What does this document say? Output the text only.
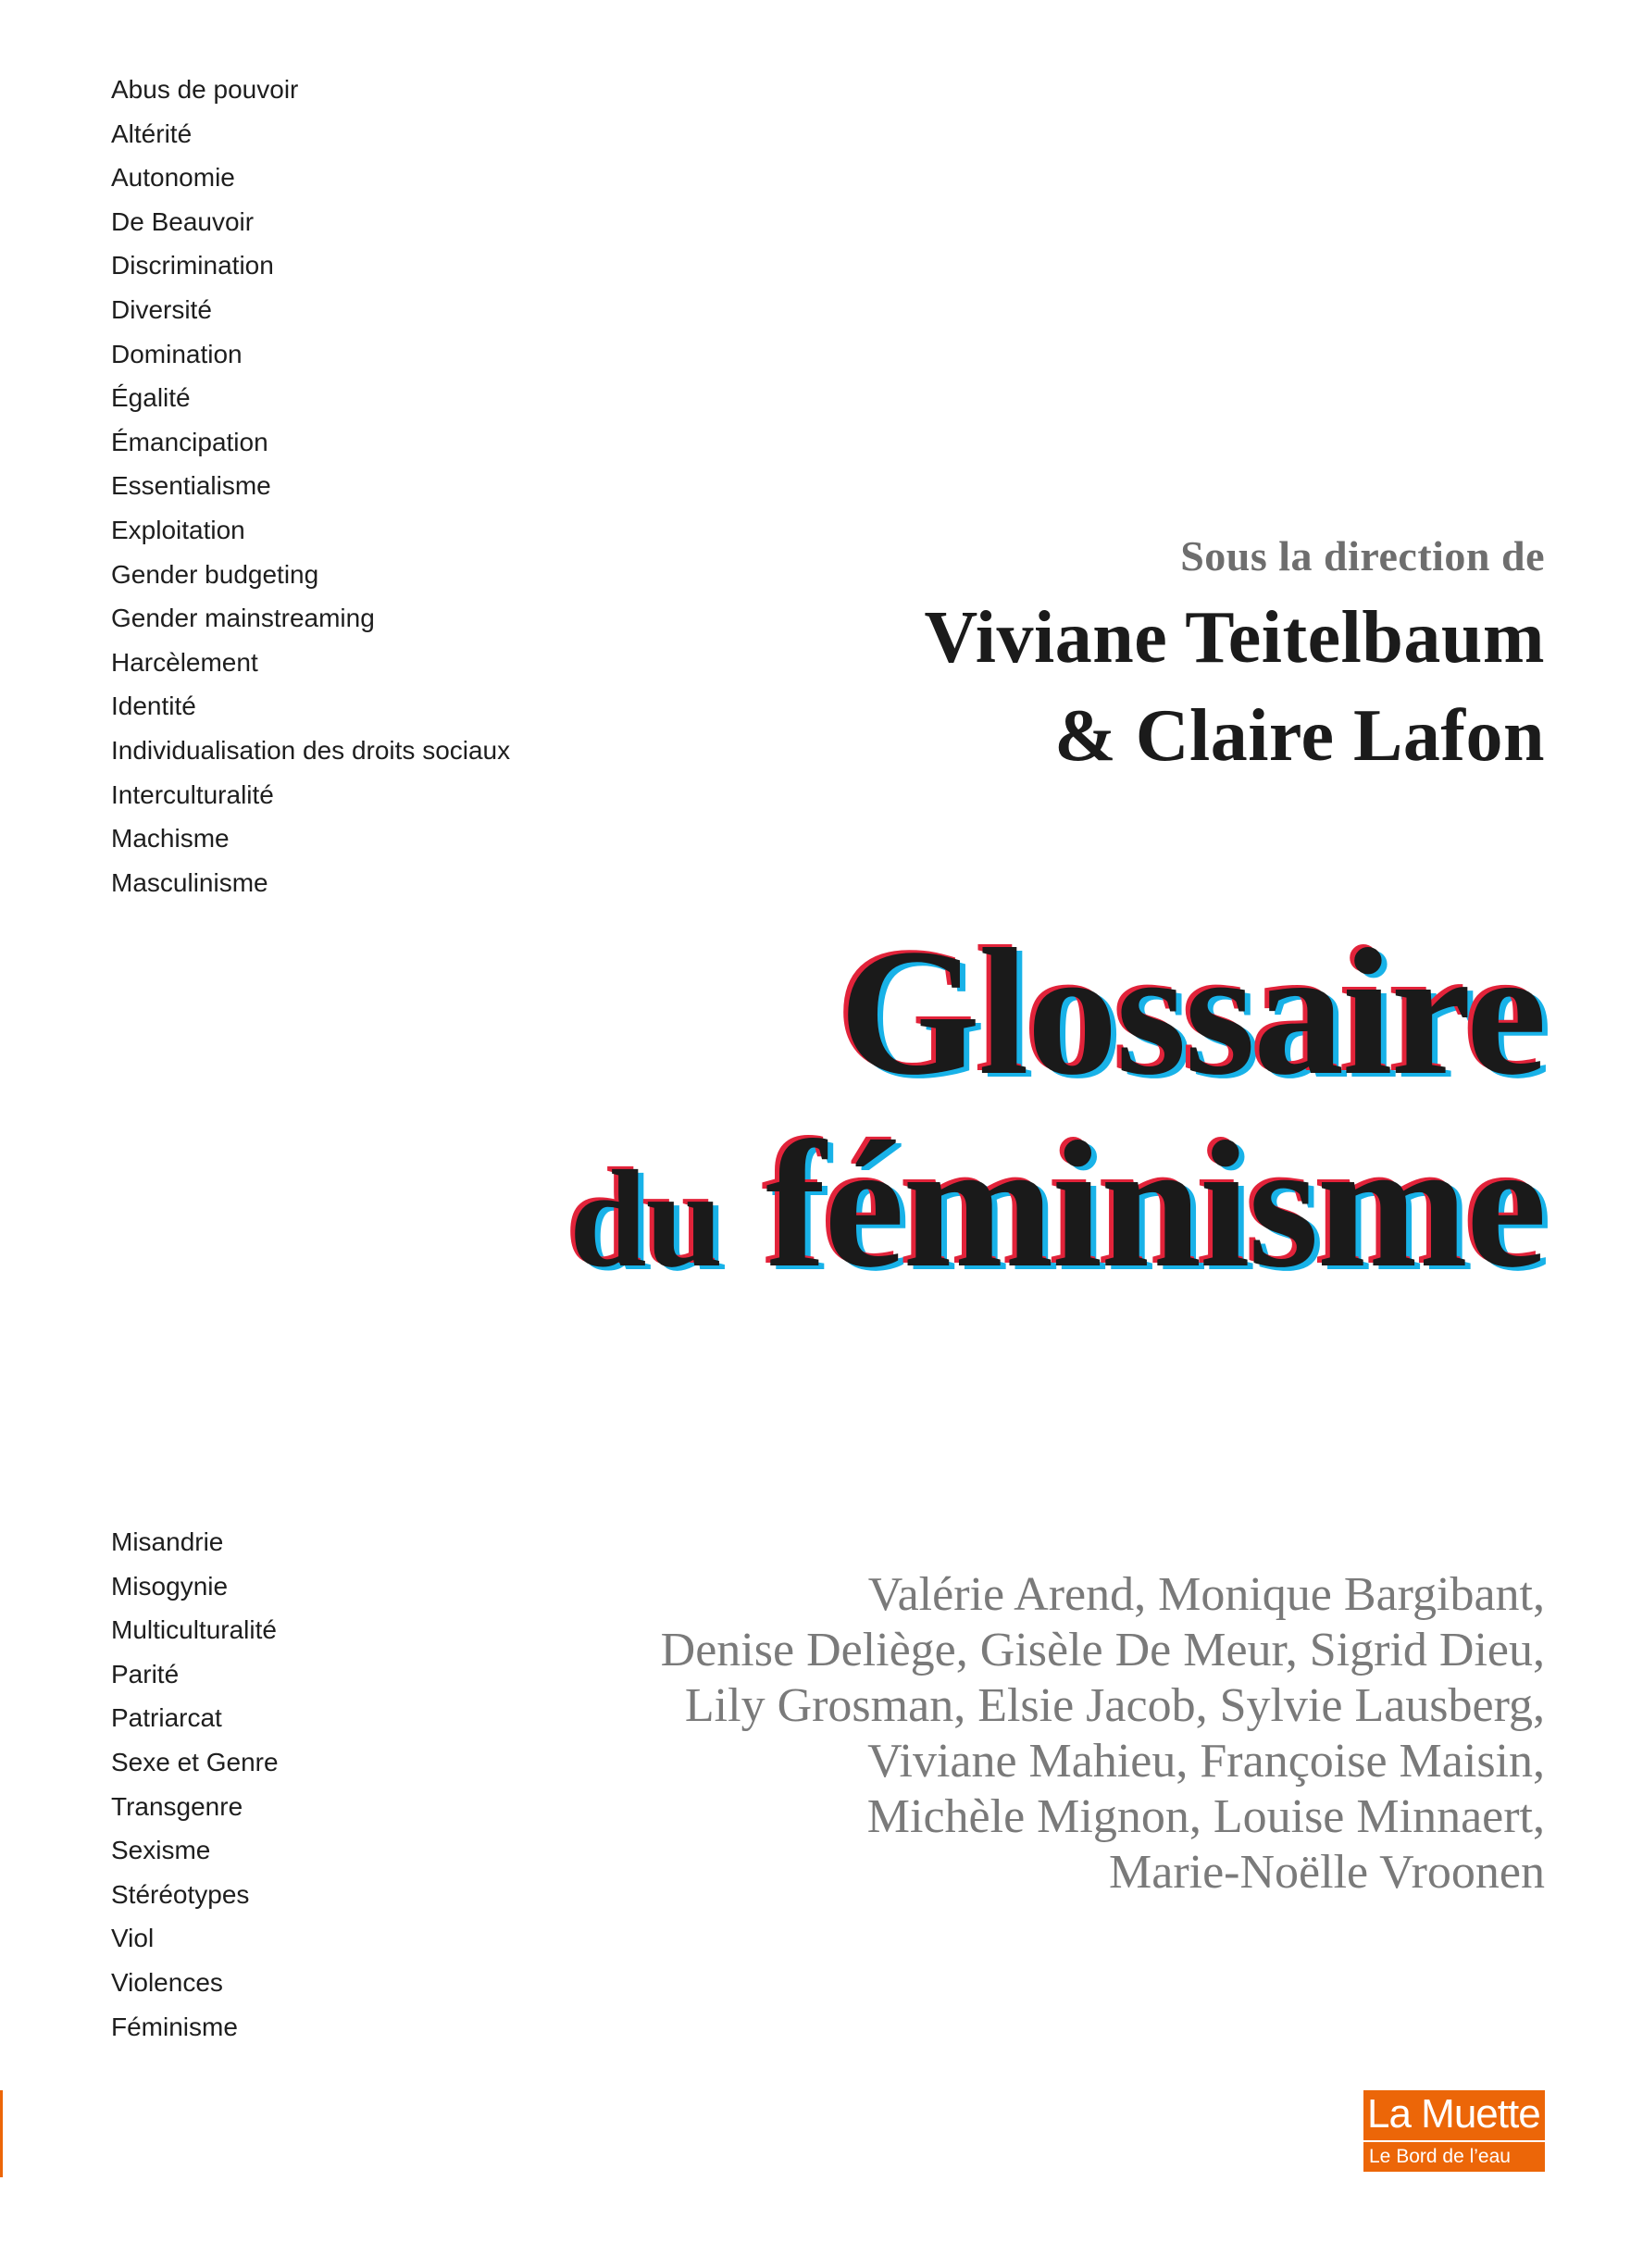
Abus de pouvoir
Altérité
Autonomie
De Beauvoir
Discrimination
Diversité
Domination
Égalité
Émancipation
Essentialisme
Exploitation
Gender budgeting
Gender mainstreaming
Harcèlement
Identité
Individualisation des droits sociaux
Interculturalité
Machisme
Masculinisme
Sous la direction de
Viviane Teitelbaum
& Claire Lafon
Glossaire
du féminisme
Misandrie
Misogynie
Multiculturalité
Parité
Patriarcat
Sexe et Genre
Transgenre
Sexisme
Stéréotypes
Viol
Violences
Féminisme
Valérie Arend, Monique Bargibant,
Denise Deliège, Gisèle De Meur, Sigrid Dieu,
Lily Grosman, Elsie Jacob, Sylvie Lausberg,
Viviane Mahieu, Françoise Maisin,
Michèle Mignon, Louise Minnaert,
Marie-Noëlle Vroonen
La Muette
Le Bord de l’eau
